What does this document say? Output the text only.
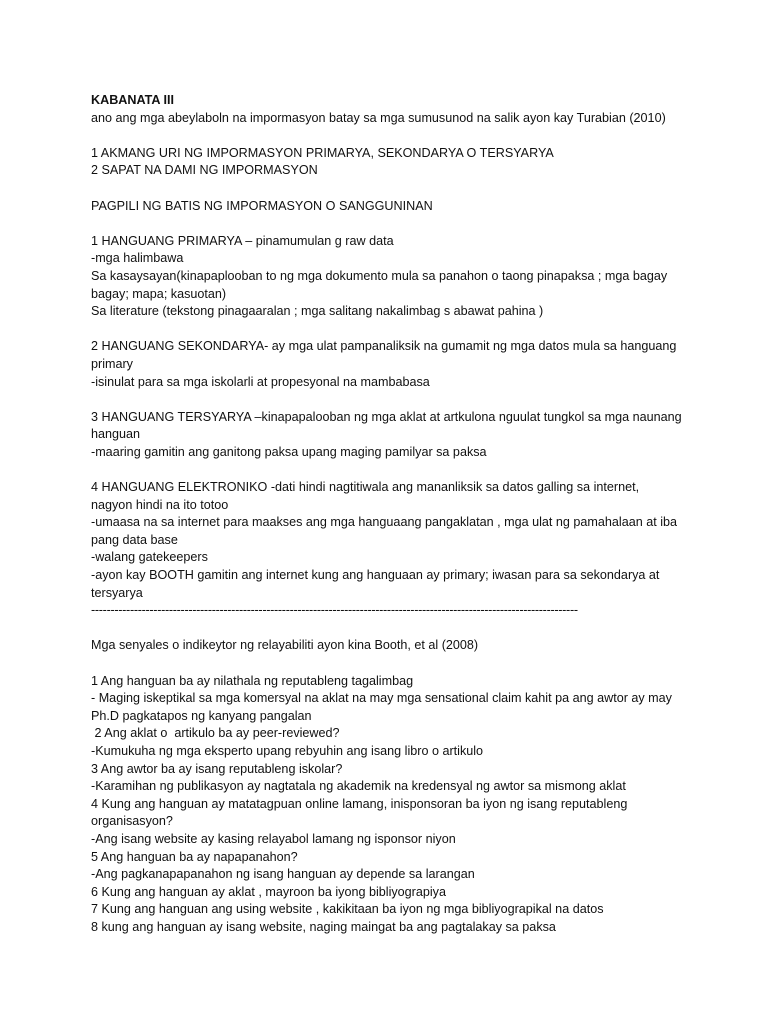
KABANATA III
ano ang mga abeylaboln na impormasyon batay sa mga sumusunod na salik ayon kay Turabian (2010)
1 AKMANG URI NG IMPORMASYON PRIMARYA, SEKONDARYA O TERSYARYA
2 SAPAT NA DAMI NG IMPORMASYON
PAGPILI NG BATIS NG IMPORMASYON O SANGGUNINAN
1 HANGUANG PRIMARYA – pinamumulan g raw data
-mga halimbawa
Sa kasaysayan(kinapaplooban to ng mga dokumento mula sa panahon o taong pinapaksa ; mga bagay
bagay; mapa; kasuotan)
Sa literature (tekstong pinagaaralan ; mga salitang nakalimbag s abawat pahina )
2 HANGUANG SEKONDARYA- ay mga ulat pampanaliksik na gumamit ng mga datos mula sa hanguang
primary
-isinulat para sa mga iskolarli at propesyonal na mambabasa
3 HANGUANG TERSYARYA –kinapapalooban ng mga aklat at artkulona nguulat tungkol sa mga naunang
hanguan
-maaring gamitin ang ganitong paksa upang maging pamilyar sa paksa
4 HANGUANG ELEKTRONIKO -dati hindi nagtitiwala ang mananliksik sa datos galling sa internet,
nagyon hindi na ito totoo
-umaasa na sa internet para maakses ang mga hanguaang pangaklatan , mga ulat ng pamahalaan at iba
pang data base
-walang gatekeepers
-ayon kay BOOTH gamitin ang internet kung ang hanguaan ay primary; iwasan para sa sekondarya at
tersyarya
-----------------------------------------------------------------------------------------------------------------------------
Mga senyales o indikeytor ng relayabiliti ayon kina Booth, et al (2008)
1 Ang hanguan ba ay nilathala ng reputableng tagalimbag
- Maging iskeptikal sa mga komersyal na aklat na may mga sensational claim kahit pa ang awtor ay may
Ph.D pagkatapos ng kanyang pangalan
2 Ang aklat o  artikulo ba ay peer-reviewed?
-Kumukuha ng mga eksperto upang rebyuhin ang isang libro o artikulo
3 Ang awtor ba ay isang reputableng iskolar?
-Karamihan ng publikasyon ay nagtatala ng akademik na kredensyal ng awtor sa mismong aklat
4 Kung ang hanguan ay matatagpuan online lamang, inisponsoran ba iyon ng isang reputableng
organisasyon?
-Ang isang website ay kasing relayabol lamang ng isponsor niyon
5 Ang hanguan ba ay napapanahon?
-Ang pagkanapapanahon ng isang hanguan ay depende sa larangan
6 Kung ang hanguan ay aklat , mayroon ba iyong bibliyograpiya
7 Kung ang hanguan ang using website , kakikitaan ba iyon ng mga bibliyograpikal na datos
8 kung ang hanguan ay isang website, naging maingat ba ang pagtalakay sa paksa
